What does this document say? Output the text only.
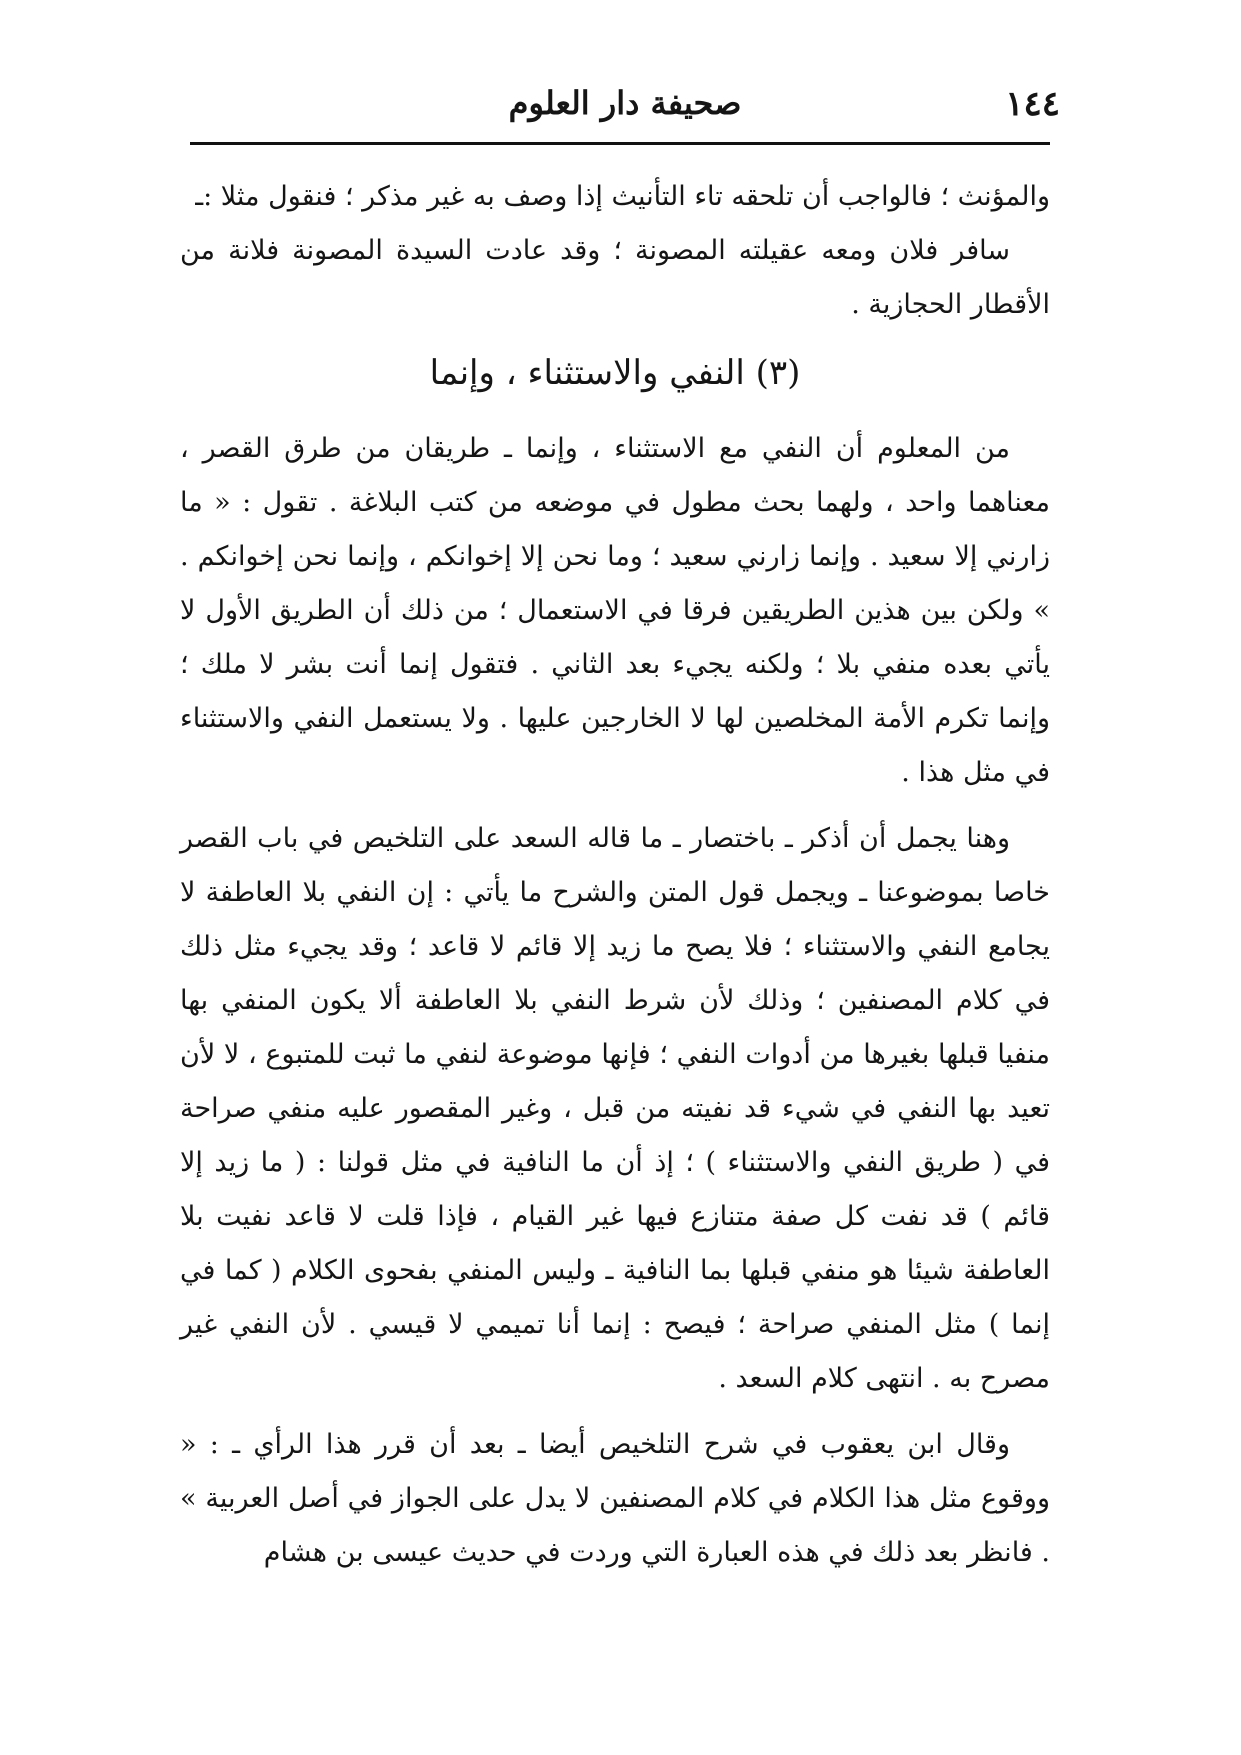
١٤٤
صحيفة دار العلوم

والمؤنث ؛ فالواجب أن تلحقه تاء التأنيث إذا وصف به غير مذكر ؛ فنقول مثلا :ـ

سافر فلان ومعه عقيلته المصونة ؛ وقد عادت السيدة المصونة فلانة من الأقطار الحجازية .

(٣) النفي والاستثناء ، وإنما

من المعلوم أن النفي مع الاستثناء ، وإنما ـ طريقان من طرق القصر ، معناهما واحد ، ولهما بحث مطول في موضعه من كتب البلاغة . تقول : « ما زارني إلا سعيد . وإنما زارني سعيد ؛ وما نحن إلا إخوانكم ، وإنما نحن إخوانكم . » ولكن بين هذين الطريقين فرقا في الاستعمال ؛ من ذلك أن الطريق الأول لا يأتي بعده منفي بلا ؛ ولكنه يجيء بعد الثاني . فتقول إنما أنت بشر لا ملك ؛ وإنما تكرم الأمة المخلصين لها لا الخارجين عليها . ولا يستعمل النفي والاستثناء في مثل هذا .

وهنا يجمل أن أذكر ـ باختصار ـ ما قاله السعد على التلخيص في باب القصر خاصا بموضوعنا ـ ويجمل قول المتن والشرح ما يأتي : إن النفي بلا العاطفة لا يجامع النفي والاستثناء ؛ فلا يصح ما زيد إلا قائم لا قاعد ؛ وقد يجيء مثل ذلك في كلام المصنفين ؛ وذلك لأن شرط النفي بلا العاطفة ألا يكون المنفي بها منفيا قبلها بغيرها من أدوات النفي ؛ فإنها موضوعة لنفي ما ثبت للمتبوع ، لا لأن تعيد بها النفي في شيء قد نفيته من قبل ، وغير المقصور عليه منفي صراحة في ( طريق النفي والاستثناء ) ؛ إذ أن ما النافية في مثل قولنا : ( ما زيد إلا قائم ) قد نفت كل صفة متنازع فيها غير القيام ، فإذا قلت لا قاعد نفيت بلا العاطفة شيئا هو منفي قبلها بما النافية ـ وليس المنفي بفحوى الكلام ( كما في إنما ) مثل المنفي صراحة ؛ فيصح : إنما أنا تميمي لا قيسي . لأن النفي غير مصرح به . انتهى كلام السعد .

وقال ابن يعقوب في شرح التلخيص أيضا ـ بعد أن قرر هذا الرأي ـ : « ووقوع مثل هذا الكلام في كلام المصنفين لا يدل على الجواز في أصل العربية » . فانظر بعد ذلك في هذه العبارة التي وردت في حديث عيسى بن هشام
